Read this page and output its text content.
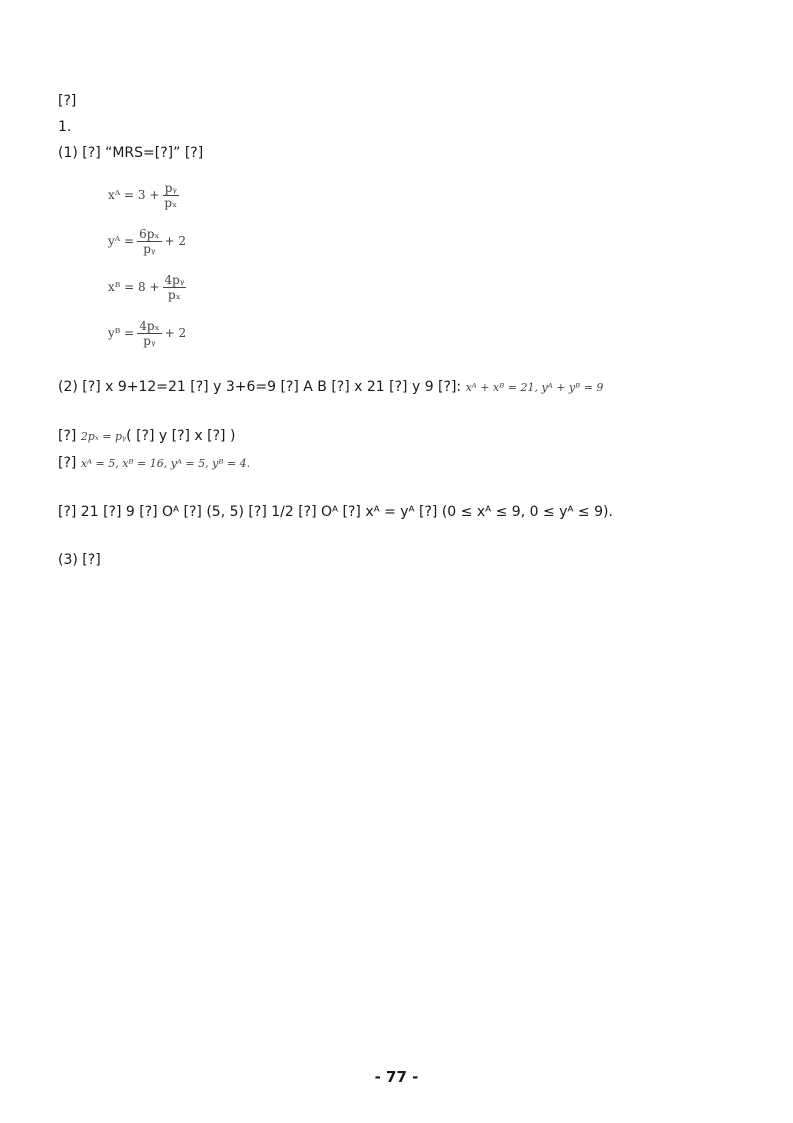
[?]

1.

(1) [?] “MRS=[?]” [?]

xᴬ = $3 + \frac{\text{pᵧ}}{\text{pₓ}}$
yᴬ = $\frac{\text{6pₓ}}{\text{pᵧ}} + 2$
xᴮ = $8 + \frac{\text{4pᵧ}}{\text{pₓ}}$
yᴮ = $\frac{\text{4pₓ}}{\text{pᵧ}} + 2$

(2) [?] x 9+12=21 [?] y 3+6=9 [?] A B [?] x 21 [?] y 9 [?]: xᴬ + xᴮ = 21, yᴬ + yᴮ = 9

[?] 2pₓ = pᵧ( [?] y [?] x [?] )

[?] xᴬ = 5, xᴮ = 16, yᴬ = 5, yᴮ = 4.

[?] 21 [?] 9 [?] Oᴬ [?] (5, 5) [?] 1/2 [?] Oᴬ [?] xᴬ = yᴬ [?] (0 ≤ xᴬ ≤ 9, 0 ≤ yᴬ ≤ 9).

(3) [?]

- 77 -
